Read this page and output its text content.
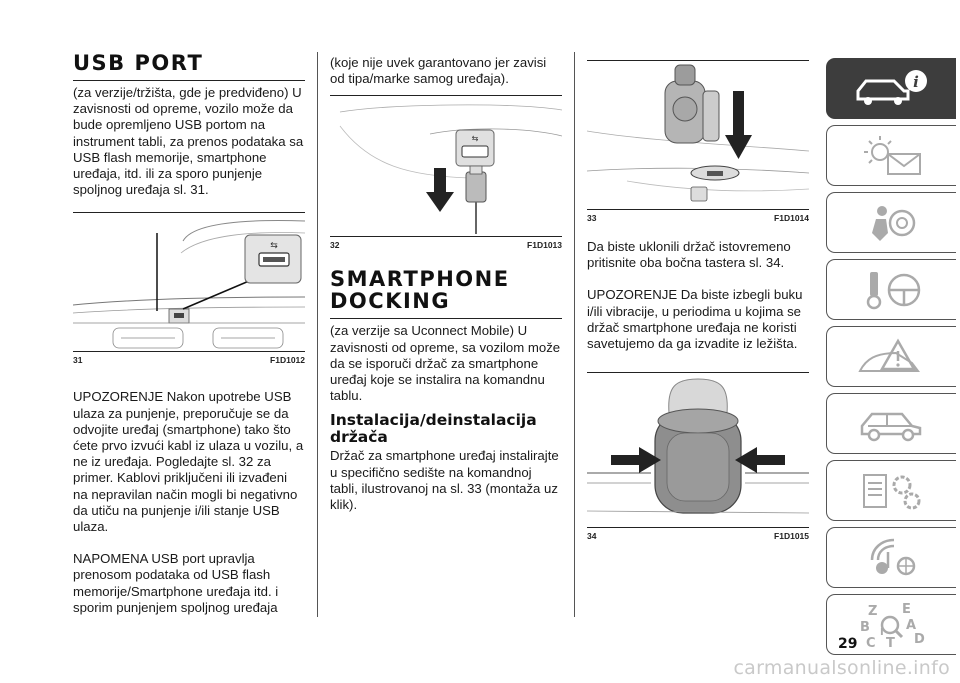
USB PORT

(za verzije/tržišta, gde je predviđeno) U zavisnosti od opreme, vozilo može da bude opremljeno USB portom na instrument tabli, za prenos podataka sa USB flash memorije, smartphone uređaja, itd. ili za sporo punjenje spoljnog uređaja sl. 31.

⇆
31	F1D1012

UPOZORENJE Nakon upotrebe USB ulaza za punjenje, preporučuje se da odvojite uređaj (smartphone) tako što ćete prvo izvući kabl iz ulaza u vozilu, a ne iz uređaja. Pogledajte sl. 32 za primer. Kablovi priključeni ili izvađeni na nepravilan način mogli bi negativno da utiču na punjenje i/ili stanje USB ulaza.

NAPOMENA USB port upravlja prenosom podataka od USB flash memorije/Smartphone uređaja itd. i sporim punjenjem spoljnog uređaja

(koje nije uvek garantovano jer zavisi od tipa/marke samog uređaja).

⇆
32	F1D1013
SMARTPHONE DOCKING

(za verzije sa Uconnect Mobile) U zavisnosti od opreme, sa vozilom može da se isporuči držač za smartphone uređaj koje se instalira na komandnu tablu.

Instalacija/deinstalacija držača

Držač za smartphone uređaj instalirajte u specifično sedište na komandnoj tabli, ilustrovanoj na sl. 33 (montaža uz klik).

33	F1D1014

Da biste uklonili držač istovremeno pritisnite oba bočna tastera sl. 34.

UPOZORENJE Da biste izbegli buku i/ili vibracije, u periodima u kojima se držač smartphone uređaja ne koristi savetujemo da ga izvadite iz ležišta.

34	F1D1015
i
Z E
B	A
C T D
I
29
carmanualsonline.info
